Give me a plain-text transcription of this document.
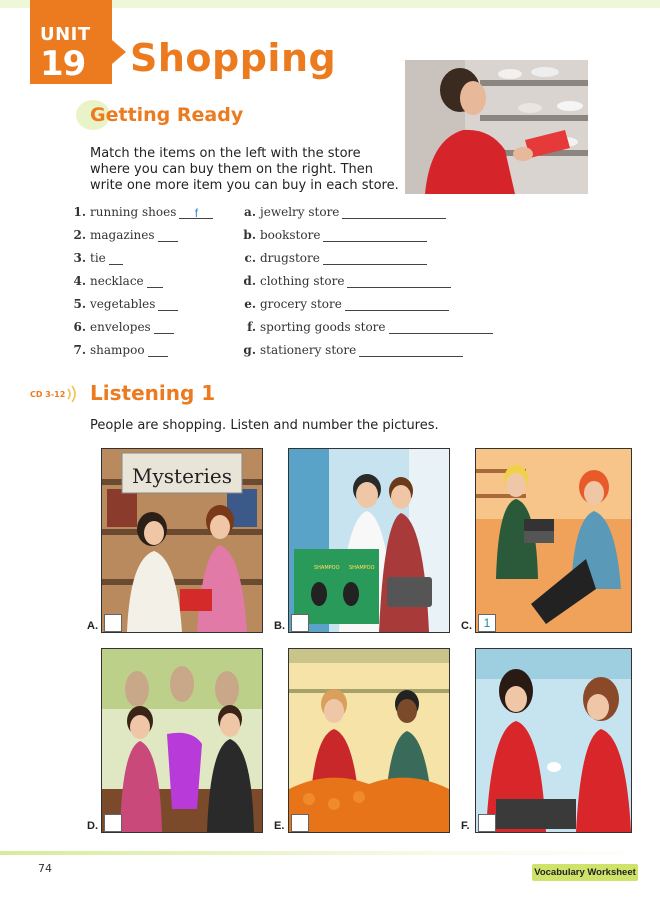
UNIT
19 Shopping
Getting Ready
Match the items on the left with the store where you can buy them on the right. Then write one more item you can buy in each store.
1. running shoes f
2. magazines
3. tie
4. necklace
5. vegetables
6. envelopes
7. shampoo
a. jewelry store
b. bookstore
c. drugstore
d. clothing store
e. grocery store
f. sporting goods store
g. stationery store
CD 3-12 Listening 1
People are shopping. Listen and number the pictures.
Mysteries
A.
SHAMPOO SHAMPOO
B.	1
C.
D.	E.	F.
74	Vocabulary Worksheet
